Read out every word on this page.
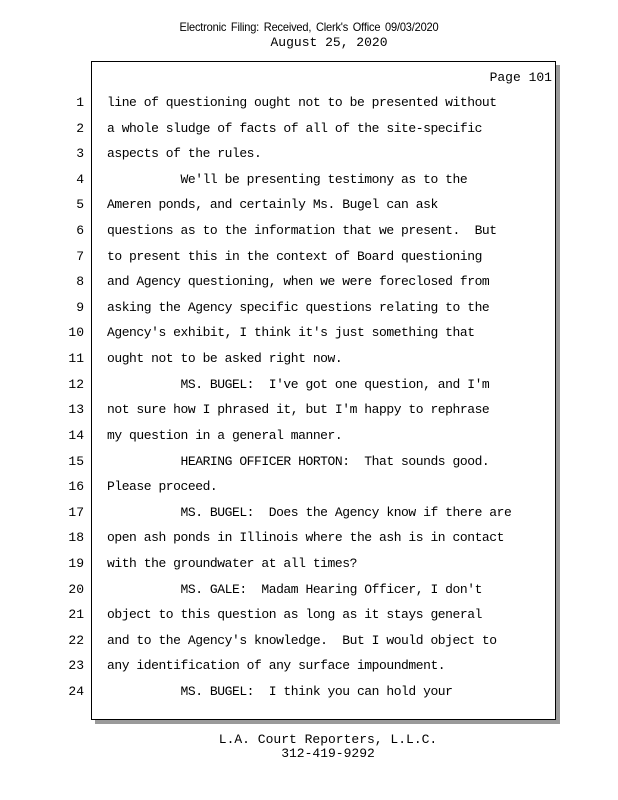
Electronic Filing: Received, Clerk's Office 09/03/2020
August 25, 2020
Page 101
1
2
3
4
5
6
7
8
9
10
11
12
13
14
15
16
17
18
19
20
21
22
23
24
line of questioning ought not to be presented without
a whole sludge of facts of all of the site-specific
aspects of the rules.
We'll be presenting testimony as to the
Ameren ponds, and certainly Ms. Bugel can ask
questions as to the information that we present.  But
to present this in the context of Board questioning
and Agency questioning, when we were foreclosed from
asking the Agency specific questions relating to the
Agency's exhibit, I think it's just something that
ought not to be asked right now.
MS. BUGEL:  I've got one question, and I'm
not sure how I phrased it, but I'm happy to rephrase
my question in a general manner.
HEARING OFFICER HORTON:  That sounds good.
Please proceed.
MS. BUGEL:  Does the Agency know if there are
open ash ponds in Illinois where the ash is in contact
with the groundwater at all times?
MS. GALE:  Madam Hearing Officer, I don't
object to this question as long as it stays general
and to the Agency's knowledge.  But I would object to
any identification of any surface impoundment.
MS. BUGEL:  I think you can hold your
L.A. Court Reporters, L.L.C.
312-419-9292
